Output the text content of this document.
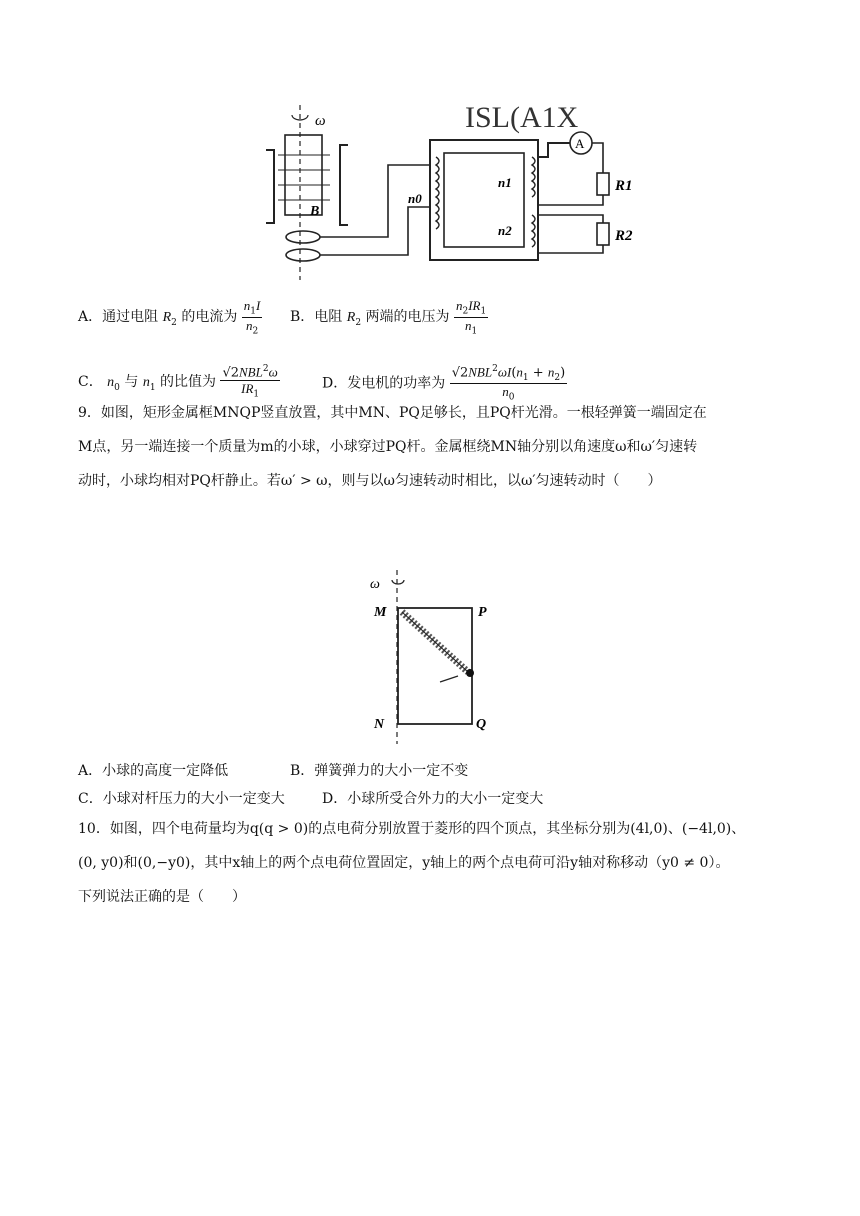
ω
B
A
n0
n1
n2
R1
R2
ISL(A1X
A．通过电阻 $R_2$ 的电流为 $\frac{n_1I}{n_2}$ B．电阻 $R_2$ 两端的电压为 $\frac{n_2IR_1}{n_1}$
C． $n_0$ 与 $n_1$ 的比值为 $\frac{√2NBL^2\omega}{IR_1}$	D．发电机的功率为 $\frac{√2NBL^2\omega I(n_1 + n_2)}{n_0}$
9．如图，矩形金属框MNQP竖直放置，其中MN、PQ足够长，且PQ杆光滑。一根轻弹簧一端固定在
M点，另一端连接一个质量为m的小球，小球穿过PQ杆。金属框绕MN轴分别以角速度ω和ω′匀速转
动时，小球均相对PQ杆静止。若ω′ > ω，则与以ω匀速转动时相比，以ω′匀速转动时（　　）
ω
M	P
N	Q
A．小球的高度一定降低	B．弹簧弹力的大小一定不变
C．小球对杆压力的大小一定变大	D．小球所受合外力的大小一定变大
10．如图，四个电荷量均为q(q > 0)的点电荷分别放置于菱形的四个顶点，其坐标分别为(4l,0)、(−4l,0)、
(0, y0)和(0,−y0)，其中x轴上的两个点电荷位置固定，y轴上的两个点电荷可沿y轴对称移动（y0 ≠ 0）。
下列说法正确的是（　　）
